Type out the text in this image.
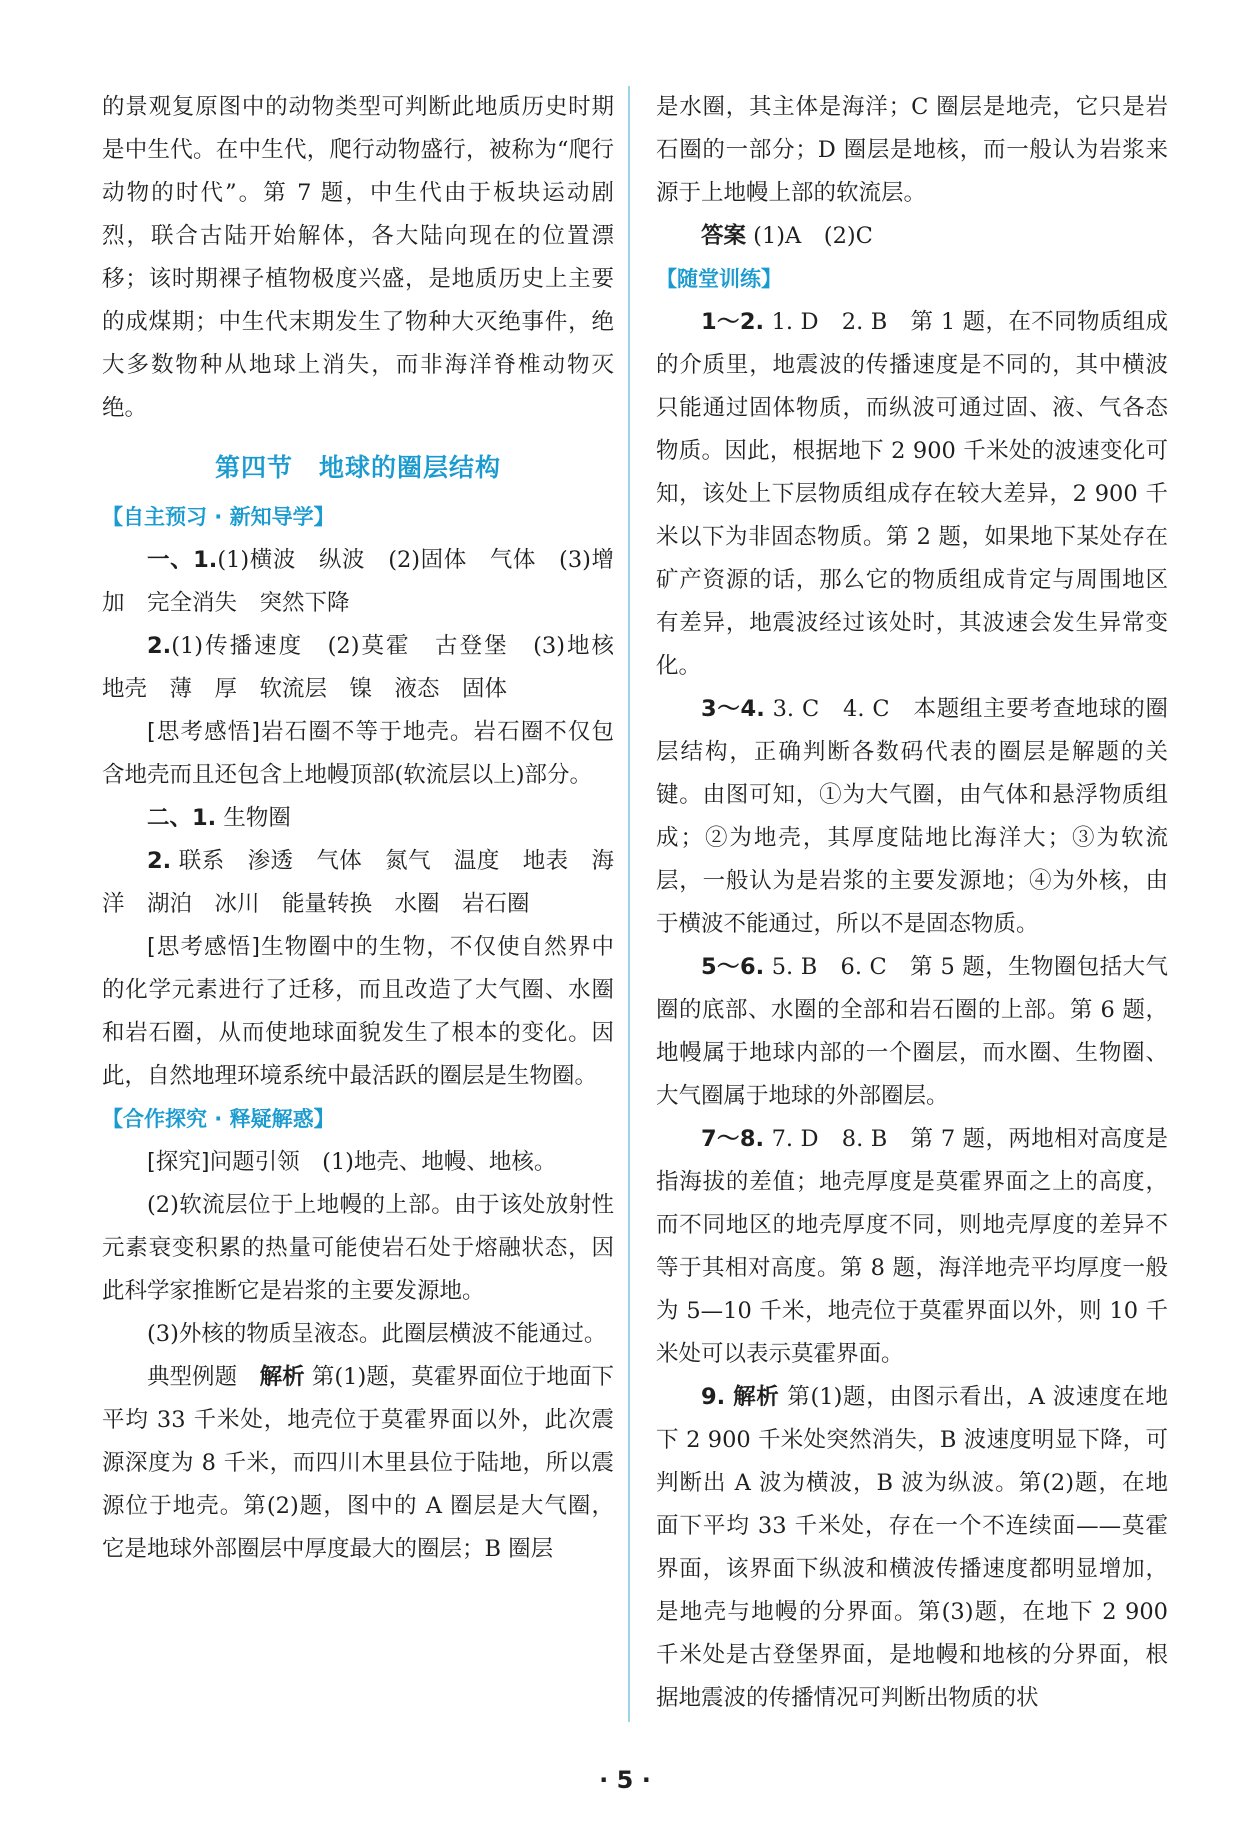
的景观复原图中的动物类型可判断此地质历史时期是中生代。在中生代，爬行动物盛行，被称为“爬行动物的时代”。第 7 题，中生代由于板块运动剧烈，联合古陆开始解体，各大陆向现在的位置漂移；该时期裸子植物极度兴盛，是地质历史上主要的成煤期；中生代末期发生了物种大灭绝事件，绝大多数物种从地球上消失，而非海洋脊椎动物灭绝。

第四节　地球的圈层结构
【自主预习 · 新知导学】

一、1.(1)横波　纵波　(2)固体　气体　(3)增加　完全消失　突然下降

2.(1)传播速度　(2)莫霍　古登堡　(3)地核　地壳　薄　厚　软流层　镍　液态　固体

[思考感悟]岩石圈不等于地壳。岩石圈不仅包含地壳而且还包含上地幔顶部(软流层以上)部分。

二、1. 生物圈

2. 联系　渗透　气体　氮气　温度　地表　海洋　湖泊　冰川　能量转换　水圈　岩石圈

[思考感悟]生物圈中的生物，不仅使自然界中的化学元素进行了迁移，而且改造了大气圈、水圈和岩石圈，从而使地球面貌发生了根本的变化。因此，自然地理环境系统中最活跃的圈层是生物圈。

【合作探究 · 释疑解惑】

[探究]问题引领　(1)地壳、地幔、地核。

(2)软流层位于上地幔的上部。由于该处放射性元素衰变积累的热量可能使岩石处于熔融状态，因此科学家推断它是岩浆的主要发源地。

(3)外核的物质呈液态。此圈层横波不能通过。

典型例题　解析 第(1)题，莫霍界面位于地面下平均 33 千米处，地壳位于莫霍界面以外，此次震源深度为 8 千米，而四川木里县位于陆地，所以震源位于地壳。第(2)题，图中的 A 圈层是大气圈，它是地球外部圈层中厚度最大的圈层；B 圈层

是水圈，其主体是海洋；C 圈层是地壳，它只是岩石圈的一部分；D 圈层是地核，而一般认为岩浆来源于上地幔上部的软流层。

答案 (1)A　(2)C

【随堂训练】

1～2. 1. D　2. B　第 1 题，在不同物质组成的介质里，地震波的传播速度是不同的，其中横波只能通过固体物质，而纵波可通过固、液、气各态物质。因此，根据地下 2 900 千米处的波速变化可知，该处上下层物质组成存在较大差异，2 900 千米以下为非固态物质。第 2 题，如果地下某处存在矿产资源的话，那么它的物质组成肯定与周围地区有差异，地震波经过该处时，其波速会发生异常变化。

3～4. 3. C　4. C　本题组主要考查地球的圈层结构，正确判断各数码代表的圈层是解题的关键。由图可知，①为大气圈，由气体和悬浮物质组成；②为地壳，其厚度陆地比海洋大；③为软流层，一般认为是岩浆的主要发源地；④为外核，由于横波不能通过，所以不是固态物质。

5～6. 5. B　6. C　第 5 题，生物圈包括大气圈的底部、水圈的全部和岩石圈的上部。第 6 题，地幔属于地球内部的一个圈层，而水圈、生物圈、大气圈属于地球的外部圈层。

7～8. 7. D　8. B　第 7 题，两地相对高度是指海拔的差值；地壳厚度是莫霍界面之上的高度，而不同地区的地壳厚度不同，则地壳厚度的差异不等于其相对高度。第 8 题，海洋地壳平均厚度一般为 5—10 千米，地壳位于莫霍界面以外，则 10 千米处可以表示莫霍界面。

9. 解析 第(1)题，由图示看出，A 波速度在地下 2 900 千米处突然消失，B 波速度明显下降，可判断出 A 波为横波，B 波为纵波。第(2)题，在地面下平均 33 千米处，存在一个不连续面——莫霍界面，该界面下纵波和横波传播速度都明显增加，是地壳与地幔的分界面。第(3)题，在地下 2 900 千米处是古登堡界面，是地幔和地核的分界面，根据地震波的传播情况可判断出物质的状

· 5 ·
